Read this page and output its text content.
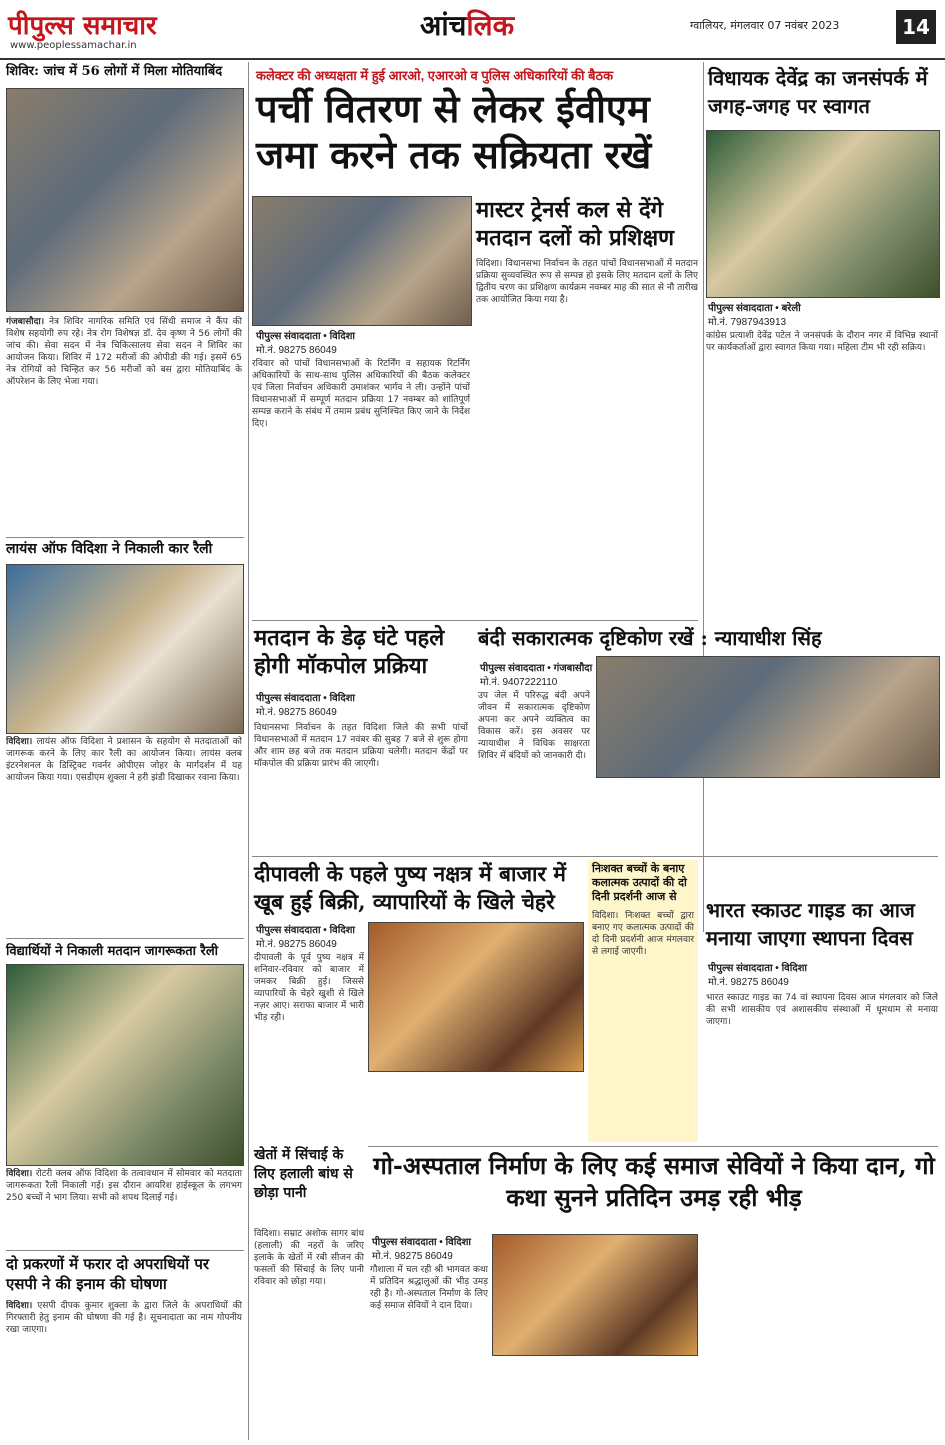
पीपुल्स समाचार
www.peoplessamachar.in
आंचलिक	ग्वालियर, मंगलवार 07 नवंबर 2023	14
शिविर: जांच में 56 लोगों में मिला मोतियाबिंद
गंजबासौदा। नेत्र शिविर नागरिक समिति एवं सिंधी समाज ने कैंप की विशेष सहयोगी रुप रहे। नेत्र रोग विशेषज्ञ डॉ. देव कृष्ण ने 56 लोगों की जांच की। सेवा सदन में नेत्र चिकित्सालय सेवा सदन ने शिविर का आयोजन किया। शिविर में 172 मरीजों की ओपीडी की गई। इसमें 65 नेत्र रोगियों को चिन्हित कर 56 मरीजों को बस द्वारा मोतियाबिंद के ऑपरेशन के लिए भेजा गया।
लायंस ऑफ विदिशा ने निकाली कार रैली
विदिशा। लायंस ऑफ विदिशा ने प्रशासन के सहयोग से मतदाताओं को जागरूक करने के लिए कार रैली का आयोजन किया। लायंस क्लब इंटरनेशनल के डिस्ट्रिक्ट गवर्नर ओपीएस जोहर के मार्गदर्शन में यह आयोजन किया गया। एसडीएम शुक्ला ने हरी झंडी दिखाकर रवाना किया।
विद्यार्थियों ने निकाली मतदान जागरूकता रैली
विदिशा। रोटरी क्लब ऑफ विदिशा के तत्वावधान में सोमवार को मतदाता जागरूकता रैली निकाली गई। इस दौरान आयरिश हाईस्कूल के लगभग 250 बच्चों ने भाग लिया। सभी को शपथ दिलाई गई।
दो प्रकरणों में फरार दो अपराधियों पर एसपी ने की इनाम की घोषणा
विदिशा। एसपी दीपक कुमार शुक्ला के द्वारा जिले के अपराधियों की गिरफ्तारी हेतु इनाम की घोषणा की गई है। सूचनादाता का नाम गोपनीय रखा जाएगा।
कलेक्टर की अध्यक्षता में हुई आरओ, एआरओ व पुलिस अधिकारियों की बैठक
पर्ची वितरण से लेकर ईवीएम जमा करने तक सक्रियता रखें
पीपुल्स संवाददाता • विदिशा
मो.नं. 98275 86049
रविवार को पांचों विधानसभाओं के रिटर्निंग व सहायक रिटर्निंग अधिकारियों के साथ-साथ पुलिस अधिकारियों की बैठक कलेक्टर एवं जिला निर्वाचन अधिकारी उमाशंकर भार्गव ने ली। उन्होंने पांचों विधानसभाओं में सम्पूर्ण मतदान प्रक्रिया 17 नवम्बर को शांतिपूर्ण सम्पन्न कराने के संबंध में तमाम प्रबंध सुनिश्चित किए जाने के निर्देश दिए।
मास्टर ट्रेनर्स कल से देंगे मतदान दलों को प्रशिक्षण
विदिशा। विधानसभा निर्वाचन के तहत पांचों विधानसभाओं में मतदान प्रक्रिया सुव्यवस्थित रूप से सम्पन्न हो इसके लिए मतदान दलों के लिए द्वितीय चरण का प्रशिक्षण कार्यक्रम नवम्बर माह की सात से नौ तारीख तक आयोजित किया गया है।
मतदान के डेढ़ घंटे पहले होगी मॉकपोल प्रक्रिया
पीपुल्स संवाददाता • विदिशा
मो.नं. 98275 86049
विधानसभा निर्वाचन के तहत विदिशा जिले की सभी पांचों विधानसभाओं में मतदान 17 नवंबर की सुबह 7 बजे से शुरू होगा और शाम छह बजे तक मतदान प्रक्रिया चलेगी। मतदान केंद्रों पर मॉकपोल की प्रक्रिया प्रारंभ की जाएगी।
बंदी सकारात्मक दृष्टिकोण रखें : न्यायाधीश सिंह
पीपुल्स संवाददाता • गंजबासौदा
मो.नं. 9407222110
उप जेल में परिरुद्ध बंदी अपने जीवन में सकारात्मक दृष्टिकोण अपना कर अपने व्यक्तित्व का विकास करें। इस अवसर पर न्यायाधीश ने विधिक साक्षरता शिविर में बंदियों को जानकारी दी।
दीपावली के पहले पुष्य नक्षत्र में बाजार में खूब हुई बिक्री, व्यापारियों के खिले चेहरे
पीपुल्स संवाददाता • विदिशा
मो.नं. 98275 86049
दीपावली के पूर्व पुष्य नक्षत्र में शनिवार-रविवार को बाजार में जमकर बिक्री हुई। जिससे व्यापारियों के चेहरे खुशी से खिले नज़र आए। सराफा बाजार में भारी भीड़ रही।
निःशक्त बच्चों के बनाए कलात्मक उत्पादों की दो दिनी प्रदर्शनी आज से
विदिशा। निःशक्त बच्चों द्वारा बनाए गए कलात्मक उत्पादों की दो दिनी प्रदर्शनी आज मंगलवार से लगाई जाएगी।
खेतों में सिंचाई के लिए हलाली बांध से छोड़ा पानी
विदिशा। सम्राट अशोक सागर बांध (हलाली) की नहरों के जरिए इलाके के खेतों में रबी सीजन की फसलों की सिंचाई के लिए पानी रविवार को छोड़ा गया।
भारत स्काउट गाइड का आज मनाया जाएगा स्थापना दिवस
पीपुल्स संवाददाता • विदिशा
मो.नं. 98275 86049
भारत स्काउट गाइड का 74 वां स्थापना दिवस आज मंगलवार को जिले की सभी शासकीय एवं अशासकीय संस्थाओं में धूमधाम से मनाया जाएगा।
गो-अस्पताल निर्माण के लिए कई समाज सेवियों ने किया दान, गो कथा सुनने प्रतिदिन उमड़ रही भीड़
पीपुल्स संवाददाता • विदिशा
मो.नं. 98275 86049
गौशाला में चल रही श्री भागवत कथा में प्रतिदिन श्रद्धालुओं की भीड़ उमड़ रही है। गो-अस्पताल निर्माण के लिए कई समाज सेवियों ने दान दिया।
विधायक देवेंद्र का जनसंपर्क में जगह-जगह पर स्वागत
पीपुल्स संवाददाता • बरेली
मो.नं. 7987943913
कांग्रेस प्रत्याशी देवेंद्र पटेल ने जनसंपर्क के दौरान नगर में विभिन्न स्थानों पर कार्यकर्ताओं द्वारा स्वागत किया गया। महिला टीम भी रही सक्रिय।
